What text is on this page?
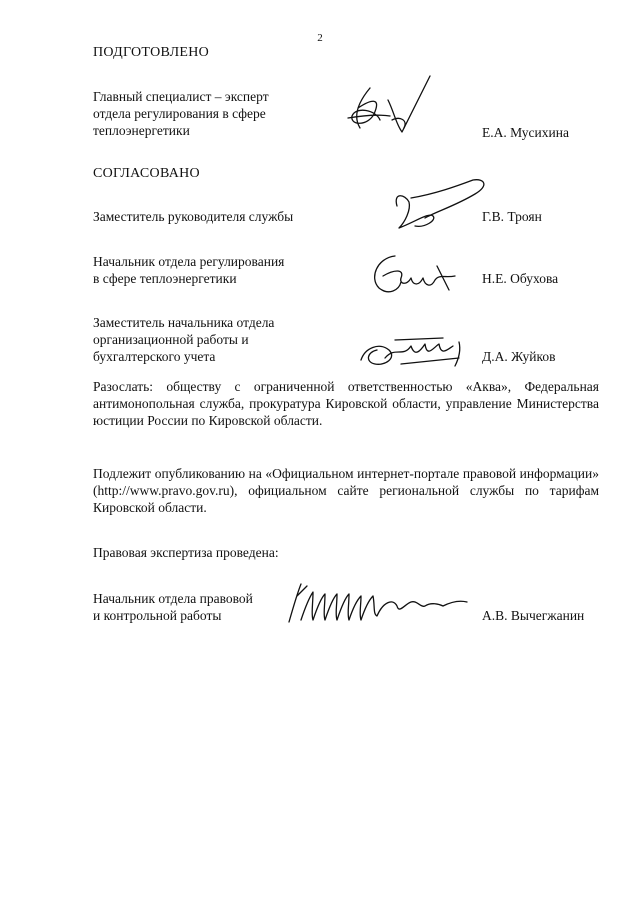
2
ПОДГОТОВЛЕНО
Главный специалист – эксперт
отдела регулирования в сфере
теплоэнергетики	Е.А. Мусихина
СОГЛАСОВАНО
Заместитель руководителя службы	Г.В. Троян
Начальник отдела регулирования
в сфере теплоэнергетики	Н.Е. Обухова
Заместитель начальника отдела
организационной работы и
бухгалтерского учета	Д.А. Жуйков
Разослать: обществу с ограниченной ответственностью «Аква», Федеральная антимонопольная служба, прокуратура Кировской области, управление Министерства юстиции России по Кировской области.
Подлежит опубликованию на «Официальном интернет-портале правовой информации» (http://www.pravo.gov.ru), официальном сайте региональной службы по тарифам Кировской области.
Правовая экспертиза проведена:
Начальник отдела правовой
и контрольной работы	А.В. Вычегжанин
